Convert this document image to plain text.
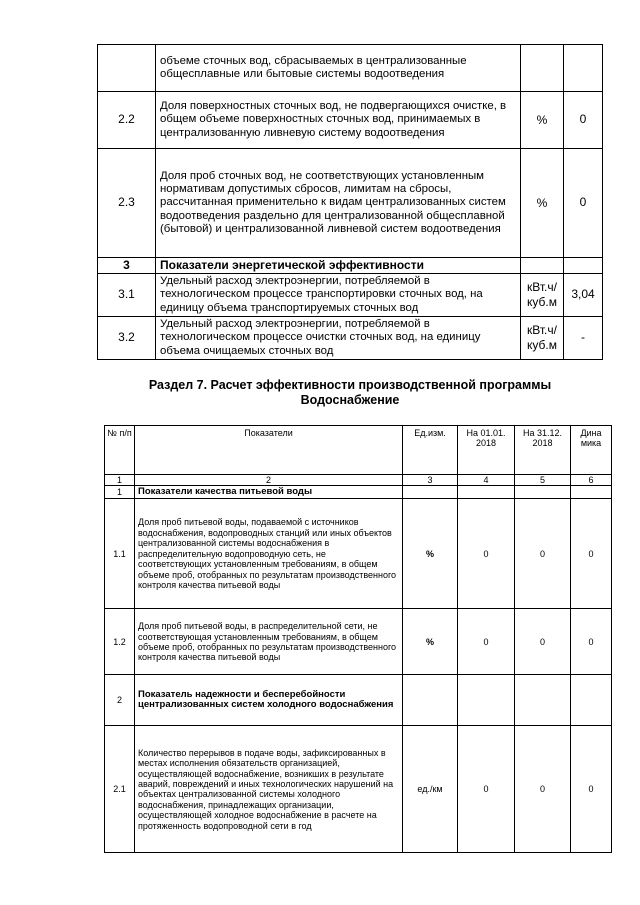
	объеме сточных вод, сбрасываемых в централизованные общесплавные или бытовые системы водоотведения		
2.2	Доля поверхностных сточных вод, не подвергающихся очистке, в общем объеме поверхностных сточных вод, принимаемых в централизованную ливневую систему водоотведения	%	0
2.3	Доля проб сточных вод, не соответствующих установленным нормативам допустимых сбросов, лимитам на сбросы, рассчитанная применительно к видам централизованных систем водоотведения раздельно для централизованной общесплавной (бытовой) и централизованной ливневой систем водоотведения	%	0
3	Показатели энергетической эффективности		
3.1	Удельный расход электроэнергии, потребляемой в технологическом процессе транспортировки сточных вод, на единицу объема транспортируемых сточных вод	кВт.ч/ куб.м	3,04
3.2	Удельный расход электроэнергии, потребляемой в технологическом процессе очистки сточных вод, на единицу объема очищаемых сточных вод	кВт.ч/ куб.м	-
Раздел 7. Расчет эффективности производственной программы
Водоснабжение
№ п/п	Показатели	Ед.изм.	На 01.01. 2018	На 31.12. 2018	Дина мика
1	2	3	4	5	6
1	Показатели качества питьевой воды				
1.1	Доля проб питьевой воды, подаваемой с источников водоснабжения, водопроводных станций или иных объектов централизованной системы водоснабжения в распределительную водопроводную сеть, не соответствующих установленным требованиям, в общем объеме проб, отобранных по результатам производственного контроля качества питьевой воды	%	0	0	0
1.2	Доля проб питьевой воды, в распределительной сети, не соответствующая установленным требованиям, в общем объеме проб, отобранных по результатам производственного контроля качества питьевой воды	%	0	0	0
2	Показатель надежности и бесперебойности централизованных систем холодного водоснабжения				
2.1	Количество перерывов в подаче воды, зафиксированных в местах исполнения обязательств организацией, осуществляющей водоснабжение, возникших в результате аварий, повреждений и иных технологических нарушений на объектах централизованной системы холодного водоснабжения, принадлежащих организации, осуществляющей холодное водоснабжение в расчете на протяженность водопроводной сети в год	ед./км	0	0	0
